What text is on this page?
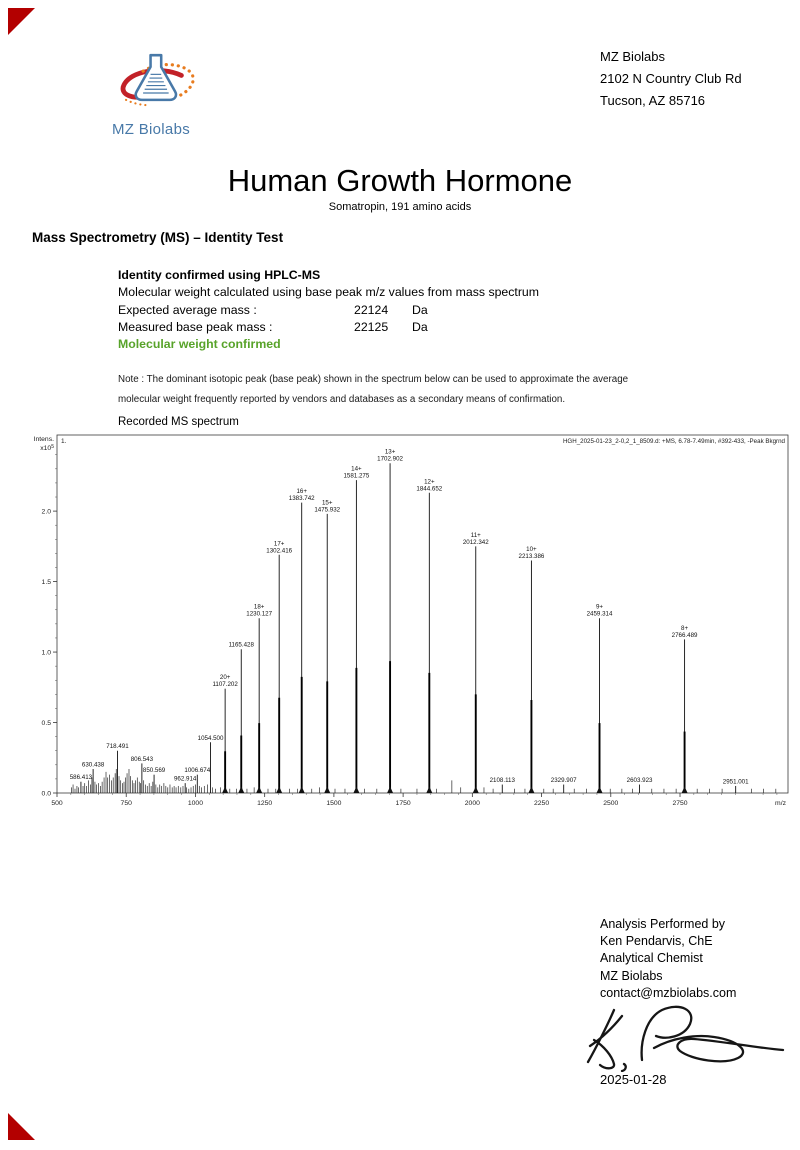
MZ Biolabs
MZ Biolabs
2102 N Country Club Rd
Tucson, AZ 85716
Human Growth Hormone
Somatropin, 191 amino acids
Mass Spectrometry (MS) – Identity Test
Identity confirmed using HPLC-MS
Molecular weight calculated using base peak m/z values from mass spectrum
Expected average mass :	22124	Da
Measured base peak mass :	22125	Da
Molecular weight confirmed
Note : The dominant isotopic peak (base peak) shown in the spectrum below can be used to approximate the average
molecular weight frequently reported by vendors and databases as a secondary means of confirmation.
Recorded MS spectrum
HGH_2025-01-23_2-0,2_1_8509.d: +MS, 6.78-7.49min, #392-433, -Peak Bkgrnd
1.
Intens.
$x10^5$
0.0
0.5
1.0
1.5
2.0
500	750	1000	1250	1500	1750	2000	2250	2500	2750	m/z
586.413
630.438
718.491
806.543
850.569
962.914
1006.674
1054.500
1107.202
20+
1165.428
1230.127
18+
1302.416
17+
1383.742
16+
1475.932
15+
1581.275
14+
1702.902
13+
1844.652
12+
2012.342
11+
2108.113
2213.386
10+
2329.907
2459.314
9+
2603.923
2766.489
8+
2951.001
Analysis Performed by
Ken Pendarvis, ChE
Analytical Chemist
MZ Biolabs
contact@mzbiolabs.com
2025-01-28
